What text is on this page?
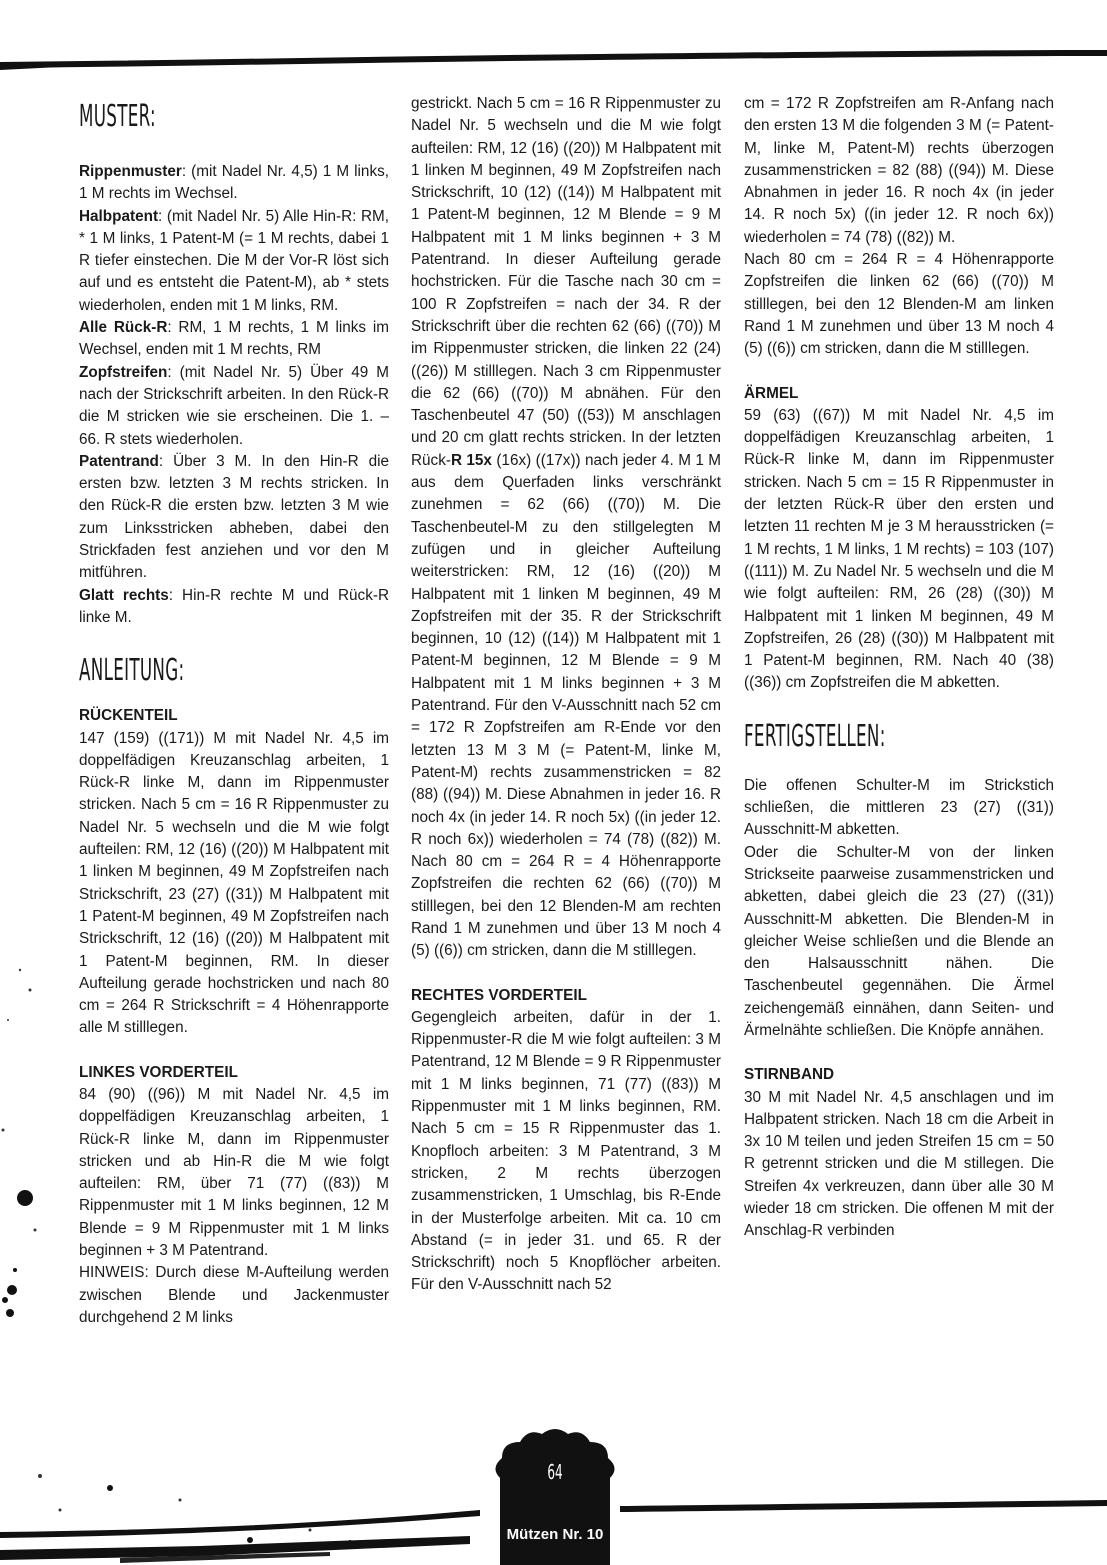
MUSTER:

Rippenmuster: (mit Nadel Nr. 4,5) 1 M links, 1 M rechts im Wechsel.

Halbpatent: (mit Nadel Nr. 5) Alle Hin-R: RM, * 1 M links, 1 Patent-M (= 1 M rechts, dabei 1 R tiefer einstechen. Die M der Vor-R löst sich auf und es entsteht die Patent-M), ab * stets wiederholen, enden mit 1 M links, RM.

Alle Rück-R: RM, 1 M rechts, 1 M links im Wechsel, enden mit 1 M rechts, RM

Zopfstreifen: (mit Nadel Nr. 5) Über 49 M nach der Strickschrift arbeiten. In den Rück-R die M stricken wie sie erscheinen. Die 1. – 66. R stets wiederholen.

Patentrand: Über 3 M. In den Hin-R die ersten bzw. letzten 3 M rechts stricken. In den Rück-R die ersten bzw. letzten 3 M wie zum Linksstricken abheben, dabei den Strickfaden fest anziehen und vor den M mitführen.

Glatt rechts: Hin-R rechte M und Rück-R linke M.

ANLEITUNG:
RÜCKENTEIL

147 (159) ((171)) M mit Nadel Nr. 4,5 im doppelfädigen Kreuzanschlag arbeiten, 1 Rück-R linke M, dann im Rippenmuster stricken. Nach 5 cm = 16 R Rippenmuster zu Nadel Nr. 5 wechseln und die M wie folgt aufteilen: RM, 12 (16) ((20)) M Halbpatent mit 1 linken M beginnen, 49 M Zopfstreifen nach Strickschrift, 23 (27) ((31)) M Halbpatent mit 1 Patent-M beginnen, 49 M Zopfstreifen nach Strickschrift, 12 (16) ((20)) M Halbpatent mit 1 Patent-M beginnen, RM. In dieser Aufteilung gerade hochstricken und nach 80 cm = 264 R Strickschrift = 4 Höhenrapporte alle M stilllegen.

LINKES VORDERTEIL

84 (90) ((96)) M mit Nadel Nr. 4,5 im doppelfädigen Kreuzanschlag arbeiten, 1 Rück-R linke M, dann im Rippenmuster stricken und ab Hin-R die M wie folgt aufteilen: RM, über 71 (77) ((83)) M Rippenmuster mit 1 M links beginnen, 12 M Blende = 9 M Rippenmuster mit 1 M links beginnen + 3 M Patentrand.

HINWEIS: Durch diese M-Aufteilung werden zwischen Blende und Jackenmuster durchgehend 2 M links

gestrickt. Nach 5 cm = 16 R Rippenmuster zu Nadel Nr. 5 wechseln und die M wie folgt aufteilen: RM, 12 (16) ((20)) M Halbpatent mit 1 linken M beginnen, 49 M Zopfstreifen nach Strickschrift, 10 (12) ((14)) M Halbpatent mit 1 Patent-M beginnen, 12 M Blende = 9 M Halbpatent mit 1 M links beginnen + 3 M Patentrand. In dieser Aufteilung gerade hochstricken. Für die Tasche nach 30 cm = 100 R Zopfstreifen = nach der 34. R der Strickschrift über die rechten 62 (66) ((70)) M im Rippenmuster stricken, die linken 22 (24) ((26)) M stilllegen. Nach 3 cm Rippenmuster die 62 (66) ((70)) M abnähen. Für den Taschenbeutel 47 (50) ((53)) M anschlagen und 20 cm glatt rechts stricken. In der letzten Rück-R 15x (16x) ((17x)) nach jeder 4. M 1 M aus dem Querfaden links verschränkt zunehmen = 62 (66) ((70)) M. Die Taschenbeutel-M zu den stillgelegten M zufügen und in gleicher Aufteilung weiterstricken: RM, 12 (16) ((20)) M Halbpatent mit 1 linken M beginnen, 49 M Zopfstreifen mit der 35. R der Strickschrift beginnen, 10 (12) ((14)) M Halbpatent mit 1 Patent-M beginnen, 12 M Blende = 9 M Halbpatent mit 1 M links beginnen + 3 M Patentrand. Für den V-Ausschnitt nach 52 cm = 172 R Zopfstreifen am R-Ende vor den letzten 13 M 3 M (= Patent-M, linke M, Patent-M) rechts zusammenstricken = 82 (88) ((94)) M. Diese Abnahmen in jeder 16. R noch 4x (in jeder 14. R noch 5x) ((in jeder 12. R noch 6x)) wiederholen = 74 (78) ((82)) M. Nach 80 cm = 264 R = 4 Höhenrapporte Zopfstreifen die rechten 62 (66) ((70)) M stilllegen, bei den 12 Blenden-M am rechten Rand 1 M zunehmen und über 13 M noch 4 (5) ((6)) cm stricken, dann die M stilllegen.

RECHTES VORDERTEIL

Gegengleich arbeiten, dafür in der 1. Rippenmuster-R die M wie folgt aufteilen: 3 M Patentrand, 12 M Blende = 9 R Rippenmuster mit 1 M links beginnen, 71 (77) ((83)) M Rippenmuster mit 1 M links beginnen, RM. Nach 5 cm = 15 R Rippenmuster das 1. Knopfloch arbeiten: 3 M Patentrand, 3 M stricken, 2 M rechts überzogen zusammenstricken, 1 Umschlag, bis R-Ende in der Musterfolge arbeiten. Mit ca. 10 cm Abstand (= in jeder 31. und 65. R der Strickschrift) noch 5 Knopflöcher arbeiten. Für den V-Ausschnitt nach 52

cm = 172 R Zopfstreifen am R-Anfang nach den ersten 13 M die folgenden 3 M (= Patent-M, linke M, Patent-M) rechts überzogen zusammenstricken = 82 (88) ((94)) M. Diese Abnahmen in jeder 16. R noch 4x (in jeder 14. R noch 5x) ((in jeder 12. R noch 6x)) wiederholen = 74 (78) ((82)) M.

Nach 80 cm = 264 R = 4 Höhenrapporte Zopfstreifen die linken 62 (66) ((70)) M stilllegen, bei den 12 Blenden-M am linken Rand 1 M zunehmen und über 13 M noch 4 (5) ((6)) cm stricken, dann die M stilllegen.

ÄRMEL

59 (63) ((67)) M mit Nadel Nr. 4,5 im doppelfädigen Kreuzanschlag arbeiten, 1 Rück-R linke M, dann im Rippenmuster stricken. Nach 5 cm = 15 R Rippenmuster in der letzten Rück-R über den ersten und letzten 11 rechten M je 3 M herausstricken (= 1 M rechts, 1 M links, 1 M rechts) = 103 (107) ((111)) M. Zu Nadel Nr. 5 wechseln und die M wie folgt aufteilen: RM, 26 (28) ((30)) M Halbpatent mit 1 linken M beginnen, 49 M Zopfstreifen, 26 (28) ((30)) M Halbpatent mit 1 Patent-M beginnen, RM. Nach 40 (38) ((36)) cm Zopfstreifen die M abketten.

FERTIGSTELLEN:

Die offenen Schulter-M im Strickstich schließen, die mittleren 23 (27) ((31)) Ausschnitt-M abketten.

Oder die Schulter-M von der linken Strickseite paarweise zusammenstricken und abketten, dabei gleich die 23 (27) ((31)) Ausschnitt-M abketten. Die Blenden-M in gleicher Weise schließen und die Blende an den Halsausschnitt nähen. Die Taschenbeutel gegennähen. Die Ärmel zeichengemäß einnähen, dann Seiten- und Ärmelnähte schließen. Die Knöpfe annähen.

STIRNBAND

30 M mit Nadel Nr. 4,5 anschlagen und im Halbpatent stricken. Nach 18 cm die Arbeit in 3x 10 M teilen und jeden Streifen 15 cm = 50 R getrennt stricken und die M stillegen. Die Streifen 4x verkreuzen, dann über alle 30 M wieder 18 cm stricken. Die offenen M mit der Anschlag-R verbinden

64
Mützen Nr. 10
